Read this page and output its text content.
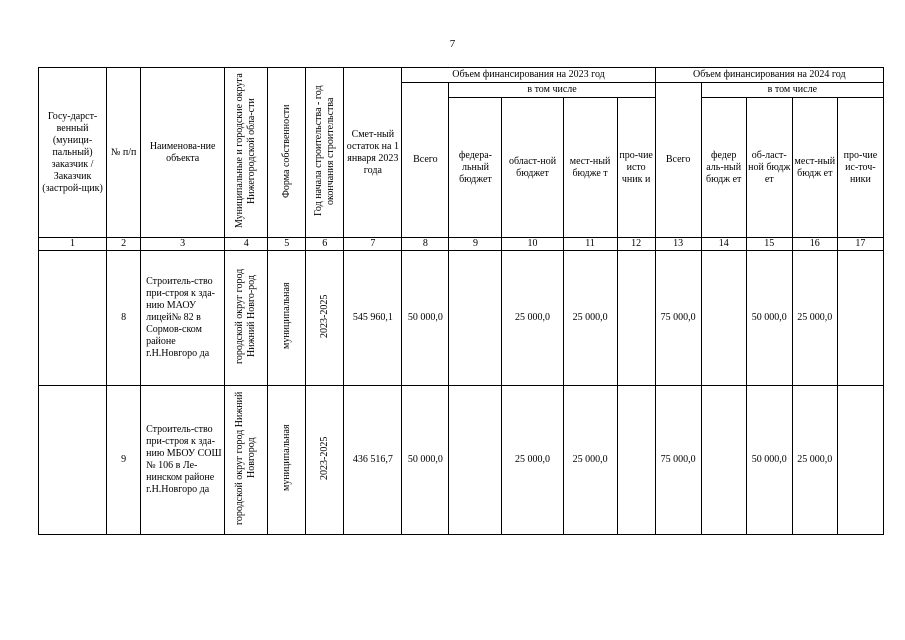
7
Госу-дарст-венный (муници-пальный) заказчик / Заказчик (застрой-щик)	№ п/п	Наименова-ние объекта	Муниципальные и городские округа Нижегородской обла-сти	Форма собственности	Год начала строительства - год окончания строительства	Смет-ный остаток на 1 января 2023 года	Объем финансирования на 2023 год					Объем финансирования на 2024 год				
							Всего	в том числе				Всего	в том числе			
								федера-льный бюджет	област-ной бюджет	мест-ный бюдже т	про-чие исто чник и		федер аль-ный бюдж ет	об-ласт-ной бюдж ет	мест-ный бюдж ет	про-чие ис-точ-ники
1	2	3	4	5	6	7	8	9	10	11	12	13	14	15	16	17
	8	Строитель-ство при-строя к зда-нию МАОУ лицей№ 82 в Сормов-ском районе г.Н.Новгоро да	городской округ город Нижний Новго-род	муниципальная	2023-2025	545 960,1	50 000,0		25 000,0	25 000,0		75 000,0		50 000,0	25 000,0	
	9	Строитель-ство при-строя к зда-нию МБОУ СОШ № 106 в Ле-нинском районе г.Н.Новгоро да	городской округ город Нижний Новгород	муниципальная	2023-2025	436 516,7	50 000,0		25 000,0	25 000,0		75 000,0		50 000,0	25 000,0	
